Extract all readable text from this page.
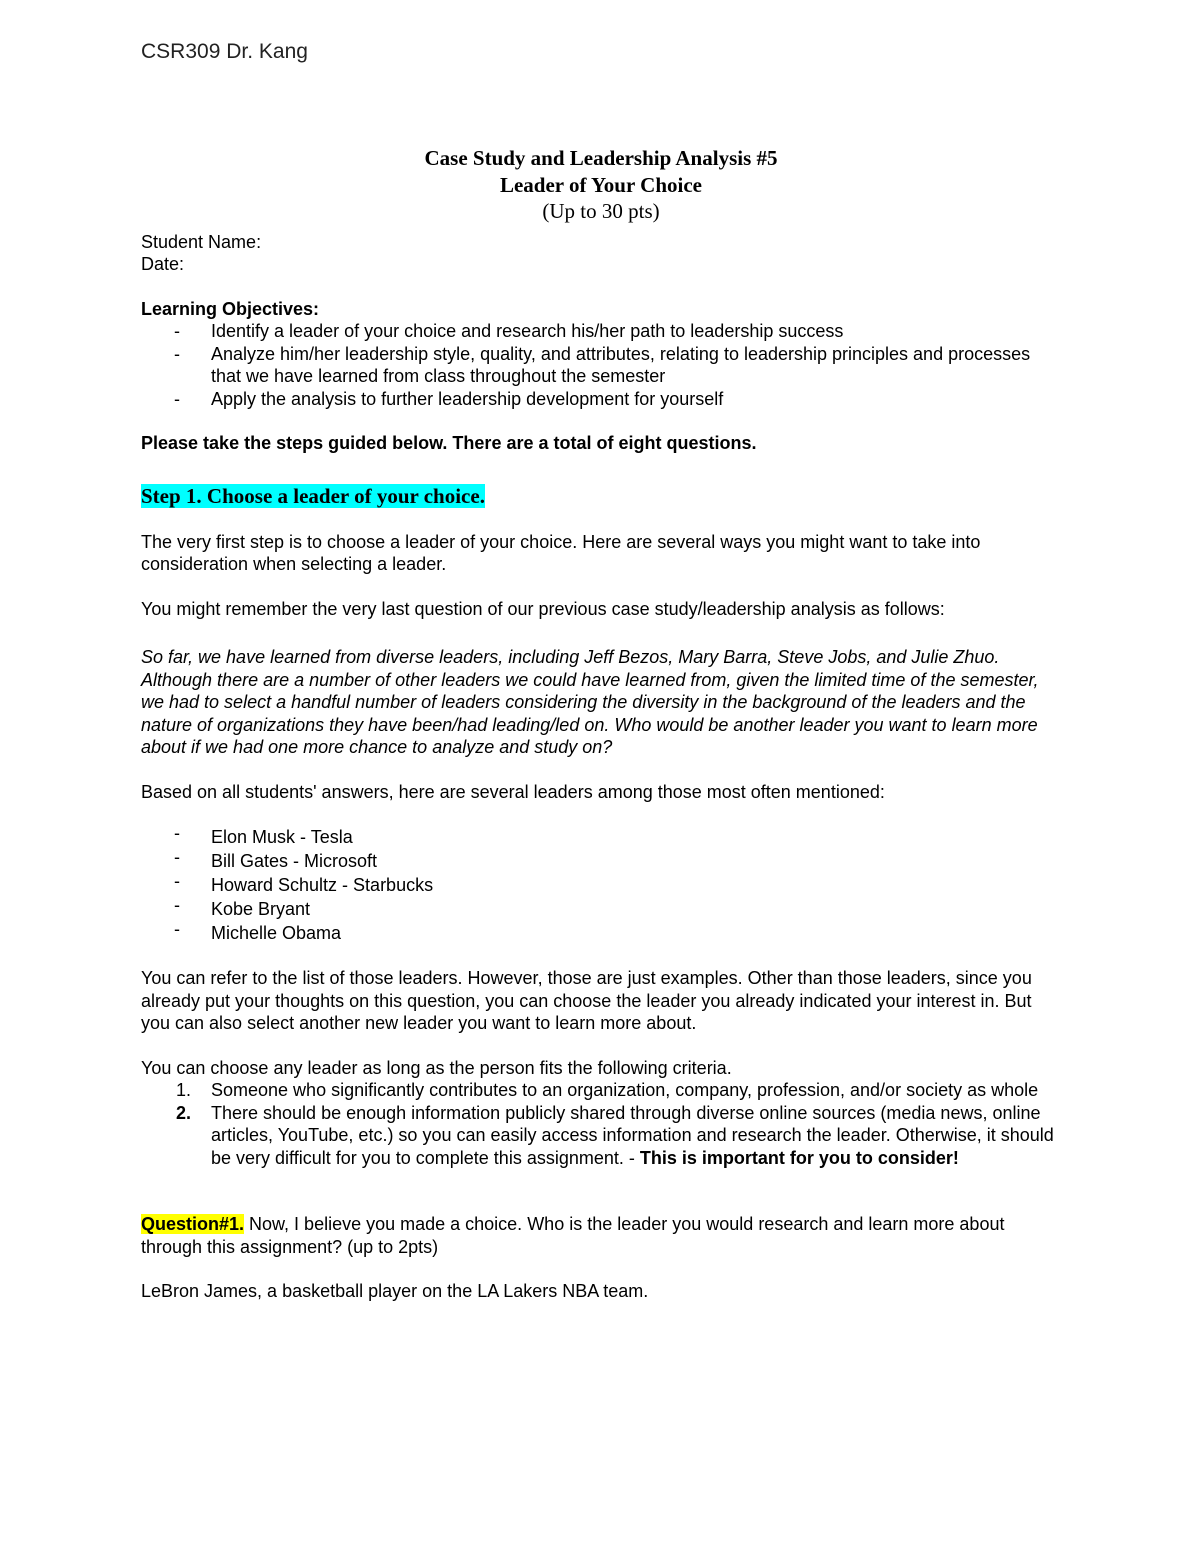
CSR309 Dr. Kang
Case Study and Leadership Analysis #5
Leader of Your Choice
(Up to 30 pts)

Student Name:

Date:

Learning Objectives:

- Identify a leader of your choice and research his/her path to leadership success
- Analyze him/her leadership style, quality, and attributes, relating to leadership principles and processes that we have learned from class throughout the semester
- Apply the analysis to further leadership development for yourself

Please take the steps guided below. There are a total of eight questions.

Step 1. Choose a leader of your choice.

The very first step is to choose a leader of your choice. Here are several ways you might want to take into consideration when selecting a leader.

You might remember the very last question of our previous case study/leadership analysis as follows:

So far, we have learned from diverse leaders, including Jeff Bezos, Mary Barra, Steve Jobs, and Julie Zhuo. Although there are a number of other leaders we could have learned from, given the limited time of the semester, we had to select a handful number of leaders considering the diversity in the background of the leaders and the nature of organizations they have been/had leading/led on. Who would be another leader you want to learn more about if we had one more chance to analyze and study on?

Based on all students' answers, here are several leaders among those most often mentioned:

- Elon Musk - Tesla
- Bill Gates - Microsoft
- Howard Schultz - Starbucks
- Kobe Bryant
- Michelle Obama

You can refer to the list of those leaders. However, those are just examples. Other than those leaders, since you already put your thoughts on this question, you can choose the leader you already indicated your interest in. But you can also select another new leader you want to learn more about.

You can choose any leader as long as the person fits the following criteria.

1. Someone who significantly contributes to an organization, company, profession, and/or society as whole
2. There should be enough information publicly shared through diverse online sources (media news, online articles, YouTube, etc.) so you can easily access information and research the leader. Otherwise, it should be very difficult for you to complete this assignment. - This is important for you to consider!

Question#1. Now, I believe you made a choice. Who is the leader you would research and learn more about through this assignment? (up to 2pts)

LeBron James, a basketball player on the LA Lakers NBA team.
